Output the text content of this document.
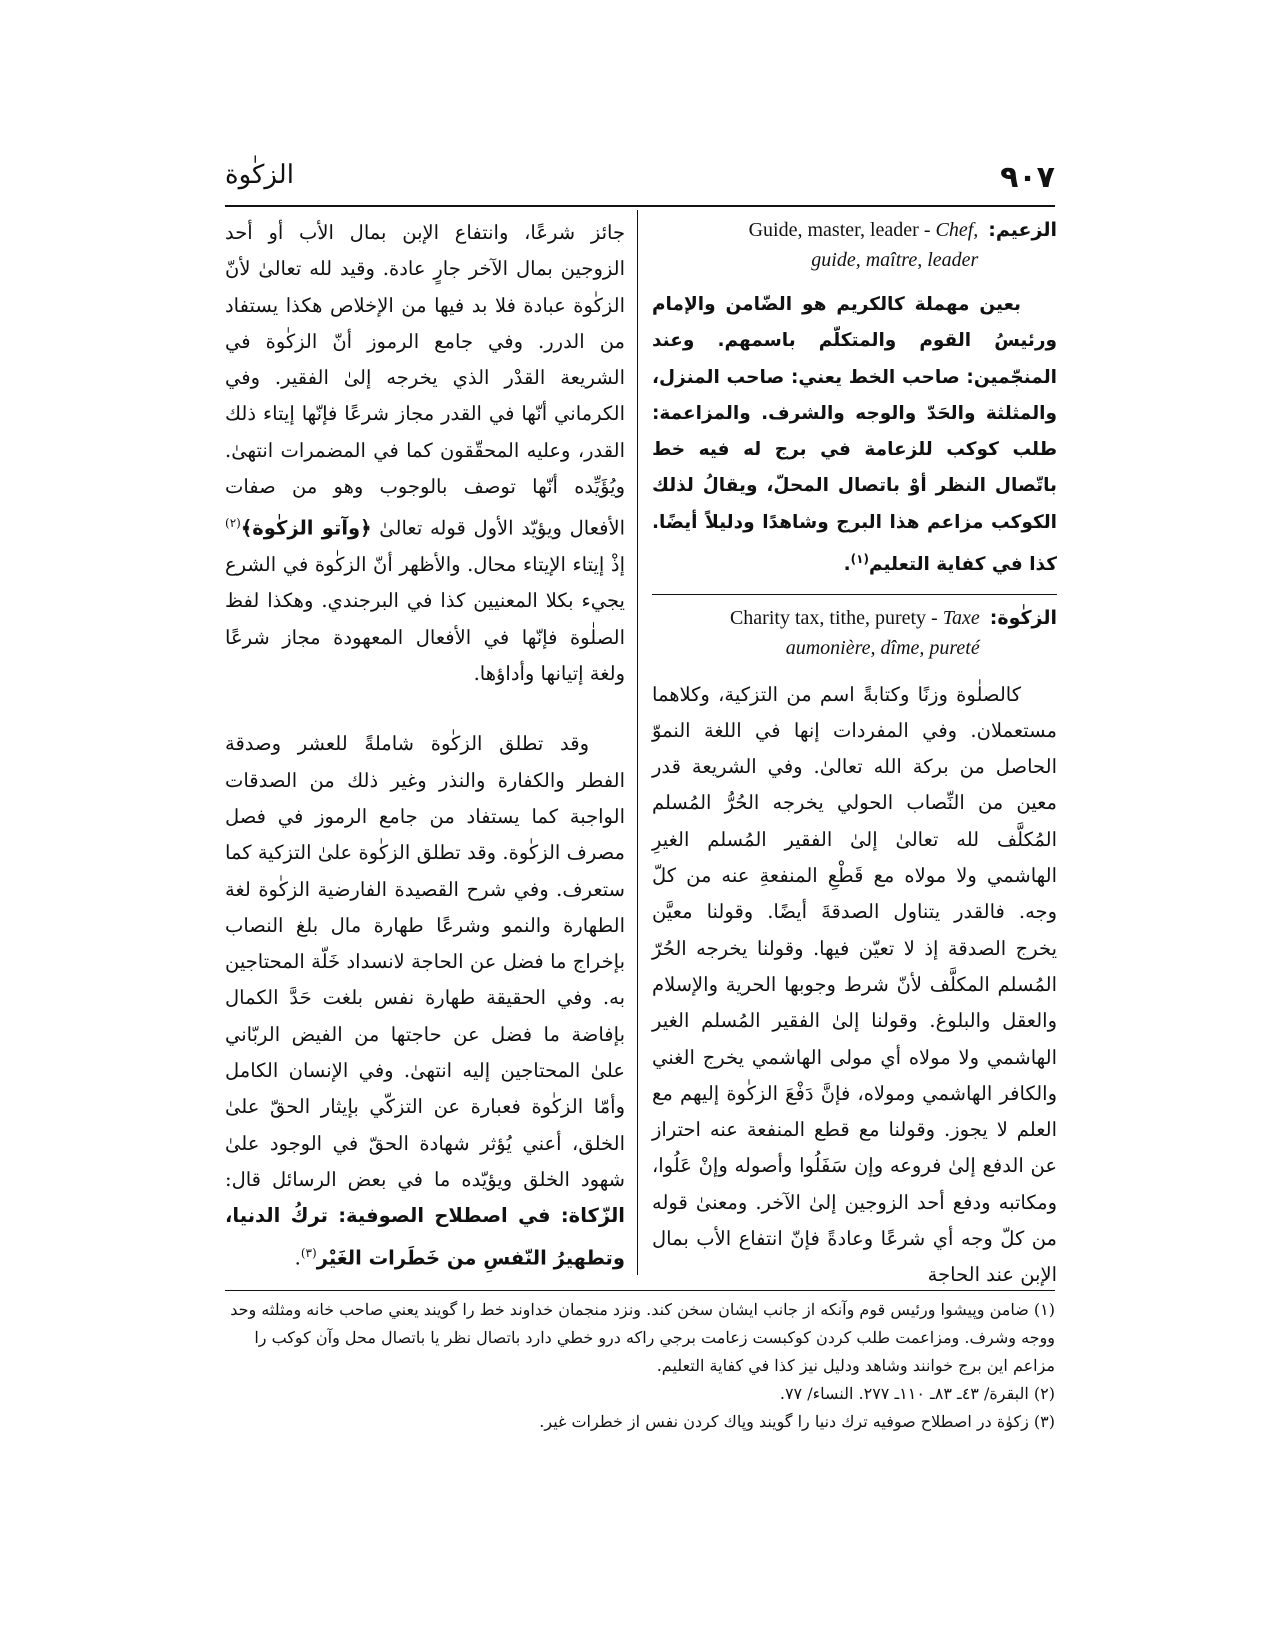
٩٠٧
الزكٰوة
الزعيم:
Guide, master, leader - Chef,
guide, maître, leader

بعين مهملة كالكريم هو الضّامن والإمام ورئيسُ القوم والمتكلّم باسمهم. وعند المنجّمين: صاحب الخط يعني: صاحب المنزل، والمثلثة والحَدّ والوجه والشرف. والمزاعمة: طلب كوكب للزعامة في برج له فيه خط باتّصال النظر أوْ باتصال المحلّ، ويقالُ لذلك الكوكب مزاعم هذا البرج وشاهدًا ودليلاً أيضًا. كذا في كفاية التعليم$^{(١)}$.

الزكٰوة:
Charity tax, tithe, purety - Taxe
aumonière, dîme, pureté

كالصلٰوة وزنًا وكتابةً اسم من التزكية، وكلاهما مستعملان. وفي المفردات إنها في اللغة النموّ الحاصل من بركة الله تعالىٰ. وفي الشريعة قدر معين من النِّصاب الحولي يخرجه الحُرُّ المُسلم المُكلَّف لله تعالىٰ إلىٰ الفقير المُسلم الغيرِ الهاشمي ولا مولاه مع قَطْعِ المنفعةِ عنه من كلّ وجه. فالقدر يتناول الصدقةَ أيضًا. وقولنا معيَّن يخرج الصدقة إذ لا تعيّن فيها. وقولنا يخرجه الحُرّ المُسلم المكلَّف لأنّ شرط وجوبها الحرية والإسلام والعقل والبلوغ. وقولنا إلىٰ الفقير المُسلم الغير الهاشمي ولا مولاه أي مولى الهاشمي يخرج الغني والكافر الهاشمي ومولاه، فإنَّ دَفْعَ الزكٰوة إليهم مع العلم لا يجوز. وقولنا مع قطع المنفعة عنه احتراز عن الدفع إلىٰ فروعه وإن سَفَلُوا وأصوله وإنْ عَلُوا، ومكاتبه ودفع أحد الزوجين إلىٰ الآخر. ومعنىٰ قوله من كلّ وجه أي شرعًا وعادةً فإنّ انتفاع الأب بمال الإبن عند الحاجة

جائز شرعًا، وانتفاع الإبن بمال الأب أو أحد الزوجين بمال الآخر جارٍ عادة. وقيد لله تعالىٰ لأنّ الزكٰوة عبادة فلا بد فيها من الإخلاص هكذا يستفاد من الدرر. وفي جامع الرموز أنّ الزكٰوة في الشريعة القدْر الذي يخرجه إلىٰ الفقير. وفي الكرماني أنّها في القدر مجاز شرعًا فإنّها إيتاء ذلك القدر، وعليه المحقّقون كما في المضمرات انتهىٰ. ويُؤَيِّده أنّها توصف بالوجوب وهو من صفات الأفعال ويؤيّد الأول قوله تعالىٰ ﴿وآتو الزكٰوة﴾$^{(٢)}$ إذْ إيتاء الإيتاء محال. والأظهر أنّ الزكٰوة في الشرع يجيء بكلا المعنيين كذا في البرجندي. وهكذا لفظ الصلٰوة فإنّها في الأفعال المعهودة مجاز شرعًا ولغة إتيانها وأداؤها.

وقد تطلق الزكٰوة شاملةً للعشر وصدقة الفطر والكفارة والنذر وغير ذلك من الصدقات الواجبة كما يستفاد من جامع الرموز في فصل مصرف الزكٰوة. وقد تطلق الزكٰوة علىٰ التزكية كما ستعرف. وفي شرح القصيدة الفارضية الزكٰوة لغة الطهارة والنمو وشرعًا طهارة مال بلغ النصاب بإخراج ما فضل عن الحاجة لانسداد خَلّة المحتاجين به. وفي الحقيقة طهارة نفس بلغت حَدَّ الكمال بإفاضة ما فضل عن حاجتها من الفيض الربّاني علىٰ المحتاجين إليه انتهىٰ. وفي الإنسان الكامل وأمّا الزكٰوة فعبارة عن التزكّي بإيثار الحقّ علىٰ الخلق، أعني يُؤثر شهادة الحقّ في الوجود علىٰ شهود الخلق ويؤيّده ما في بعض الرسائل قال: الزّكاة: في اصطلاح الصوفية: تركُ الدنيا، وتطهيرُ النّفسِ من خَطَرات الغَيْر$^{(٣)}$.

(١) ضامن وپيشوا ورئيس قوم وآنكه از جانب ايشان سخن كند. ونزد منجمان خداوند خط را گويند يعني صاحب خانه ومثلثه وحد ووجه وشرف. ومزاعمت طلب كردن كوكبست زعامت برجي راكه درو خطي دارد باتصال نظر يا باتصال محل وآن كوكب را مزاعم اين برج خوانند وشاهد ودليل نيز كذا في كفاية التعليم.

(٢) البقرة/ ٤٣ـ ٨٣ـ ١١٠ـ ٢٧٧. النساء/ ٧٧.

(٣) زكوٰة در اصطلاح صوفيه ترك دنيا را گويند وپاك كردن نفس از خطرات غير.
